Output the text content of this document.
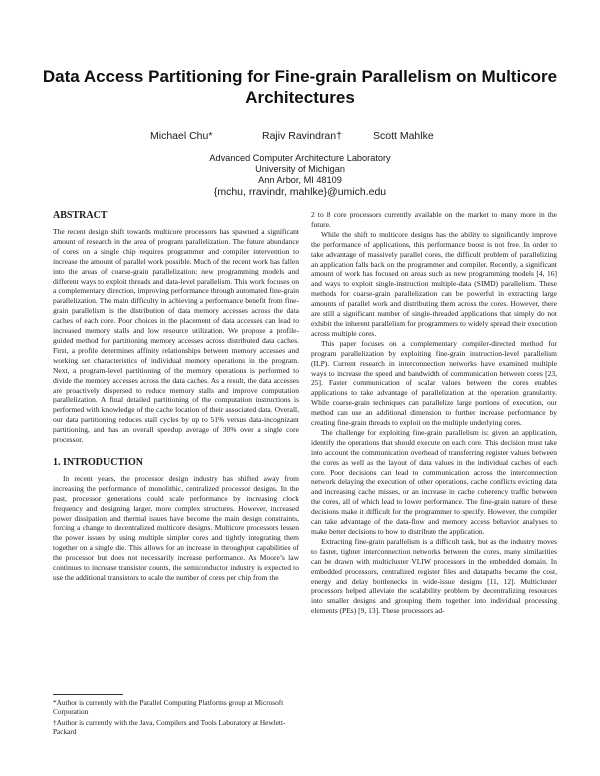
Data Access Partitioning for Fine-grain Parallelism on Multicore Architectures
Michael Chu*	Rajiv Ravindran†	Scott Mahlke
Advanced Computer Architecture Laboratory
University of Michigan
Ann Arbor, MI 48109
{mchu, rravindr, mahlke}@umich.edu
ABSTRACT

The recent design shift towards multicore processors has spawned a significant amount of research in the area of program parallelization. The future abundance of cores on a single chip requires programmer and compiler intervention to increase the amount of parallel work possible. Much of the recent work has fallen into the areas of coarse-grain parallelization: new programming models and different ways to exploit threads and data-level parallelism. This work focuses on a complementary direction, improving performance through automated fine-grain parallelization. The main difficulty in achieving a performance benefit from fine-grain parallelism is the distribution of data memory accesses across the data caches of each core. Poor choices in the placement of data accesses can lead to increased memory stalls and low resource utilization. We propose a profile-guided method for partitioning memory accesses across distributed data caches. First, a profile determines affinity relationships between memory accesses and working set characteristics of individual memory operations in the program. Next, a program-level partitioning of the memory operations is performed to divide the memory accesses across the data caches. As a result, the data accesses are proactively dispersed to reduce memory stalls and improve computation parallelization. A final detailed partitioning of the computation instructions is performed with knowledge of the cache location of their associated data. Overall, our data partitioning reduces stall cycles by up to 51% versus data-incognizant partitioning, and has an overall speedup average of 30% over a single core processor.

1. INTRODUCTION

In recent years, the processor design industry has shifted away from increasing the performance of monolithic, centralized processor designs. In the past, processor generations could scale performance by increasing clock frequency and designing larger, more complex structures. However, increased power dissipation and thermal issues have become the main design constraints, forcing a change to decentralized multicore designs. Multicore processors lessen the power issues by using multiple simpler cores and tightly integrating them together on a single die. This allows for an increase in throughput capabilities of the processor but does not necessarily increase performance. As Moore’s law continues to increase transistor counts, the semiconductor industry is expected to use the additional transistors to scale the number of cores per chip from the

*Author is currently with the Parallel Computing Platforms group at Microsoft Corporation
†Author is currently with the Java, Compilers and Tools Laboratory at Hewlett-Packard

2 to 8 core processors currently available on the market to many more in the future.

While the shift to multicore designs has the ability to significantly improve the performance of applications, this performance boost is not free. In order to take advantage of massively parallel cores, the difficult problem of parallelizing an application falls back on the programmer and compiler. Recently, a significant amount of work has focused on areas such as new programming models [4, 16] and ways to exploit single-instruction multiple-data (SIMD) parallelism. These methods for coarse-grain parallelization can be powerful in extracting large amounts of parallel work and distributing them across the cores. However, there are still a significant number of single-threaded applications that simply do not exhibit the inherent parallelism for programmers to widely spread their execution across multiple cores.

This paper focuses on a complementary compiler-directed method for program parallelization by exploiting fine-grain instruction-level parallelism (ILP). Current research in interconnection networks have examined multiple ways to increase the speed and bandwidth of communication between cores [23, 25]. Faster communication of scalar values between the cores enables applications to take advantage of parallelization at the operation granularity. While coarse-grain techniques can parallelize large portions of execution, our method can use an additional dimension to further increase performance by creating fine-grain threads to exploit on the multiple underlying cores.

The challenge for exploiting fine-grain parallelism is: given an application, identify the operations that should execute on each core. This decision must take into account the communication overhead of transferring register values between the cores as well as the layout of data values in the individual caches of each core. Poor decisions can lead to communication across the interconnection network delaying the execution of other operations, cache conflicts evicting data and increasing cache misses, or an increase in cache coherency traffic between the cores, all of which lead to lower performance. The fine-grain nature of these decisions make it difficult for the programmer to specify. However, the compiler can take advantage of the data-flow and memory access behavior analyses to make better decisions to how to distribute the application.

Extracting fine-grain parallelism is a difficult task, but as the industry moves to faster, tighter interconnection networks between the cores, many similarities can be drawn with multicluster VLIW processors in the embedded domain. In embedded processors, centralized register files and datapaths became the cost, energy and delay bottlenecks in wide-issue designs [11, 12]. Multicluster processors helped alleviate the scalability problem by decentralizing resources into smaller designs and grouping them together into individual processing elements (PEs) [9, 13]. These processors ad-
